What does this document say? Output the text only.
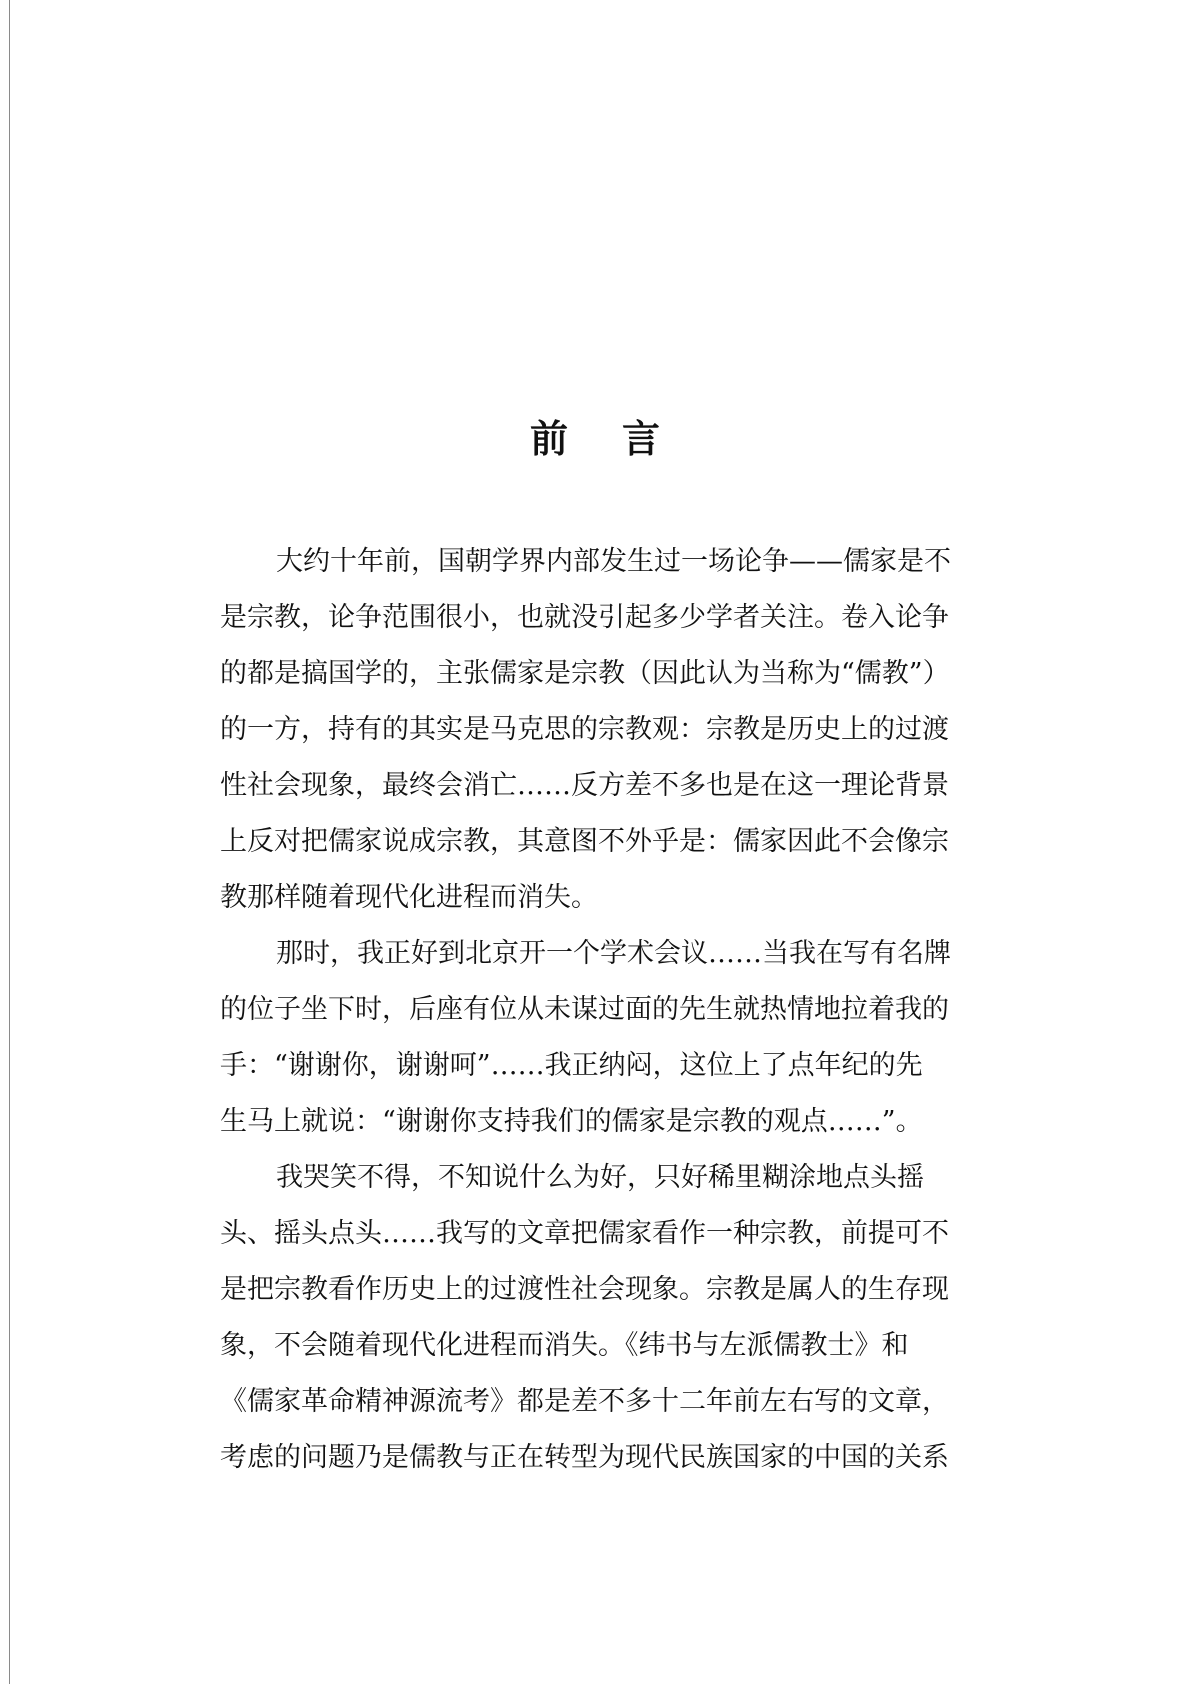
前言
大约十年前，国朝学界内部发生过一场论争——儒家是不
是宗教，论争范围很小，也就没引起多少学者关注。卷入论争
的都是搞国学的，主张儒家是宗教（因此认为当称为“儒教”）
的一方，持有的其实是马克思的宗教观：宗教是历史上的过渡
性社会现象，最终会消亡……反方差不多也是在这一理论背景
上反对把儒家说成宗教，其意图不外乎是：儒家因此不会像宗
教那样随着现代化进程而消失。
那时，我正好到北京开一个学术会议……当我在写有名牌
的位子坐下时，后座有位从未谋过面的先生就热情地拉着我的
手：“谢谢你，谢谢呵”……我正纳闷，这位上了点年纪的先
生马上就说：“谢谢你支持我们的儒家是宗教的观点……”。
我哭笑不得，不知说什么为好，只好稀里糊涂地点头摇
头、摇头点头……我写的文章把儒家看作一种宗教，前提可不
是把宗教看作历史上的过渡性社会现象。宗教是属人的生存现
象，不会随着现代化进程而消失。《纬书与左派儒教士》和
《儒家革命精神源流考》都是差不多十二年前左右写的文章，
考虑的问题乃是儒教与正在转型为现代民族国家的中国的关系
